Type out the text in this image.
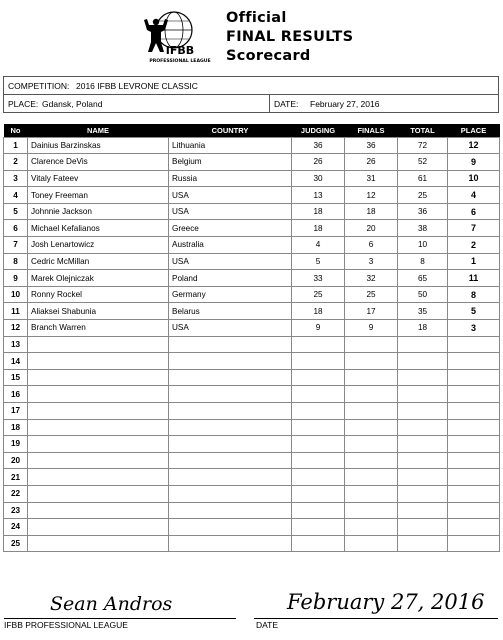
IFBB
PROFESSIONAL LEAGUE
Official
FINAL RESULTS
Scorecard
COMPETITION: 2016 IFBB LEVRONE CLASSIC
PLACE: Gdansk, Poland	DATE: February 27, 2016
No	NAME	COUNTRY	JUDGING	FINALS	TOTAL	PLACE
1	Dainius Barzinskas	Lithuania	36	36	72	12
2	Clarence DeVis	Belgium	26	26	52	9
3	Vitaly Fateev	Russia	30	31	61	10
4	Toney Freeman	USA	13	12	25	4
5	Johnnie Jackson	USA	18	18	36	6
6	Michael Kefalianos	Greece	18	20	38	7
7	Josh Lenartowicz	Australia	4	6	10	2
8	Cedric McMillan	USA	5	3	8	1
9	Marek Olejniczak	Poland	33	32	65	11
10	Ronny Rockel	Germany	25	25	50	8
11	Aliaksei Shabunia	Belarus	18	17	35	5
12	Branch Warren	USA	9	9	18	3
13						
14						
15						
16						
17						
18						
19						
20						
21						
22						
23						
24						
25						
Sean Andros
IFBB PROFESSIONAL LEAGUE
February 27, 2016
DATE
